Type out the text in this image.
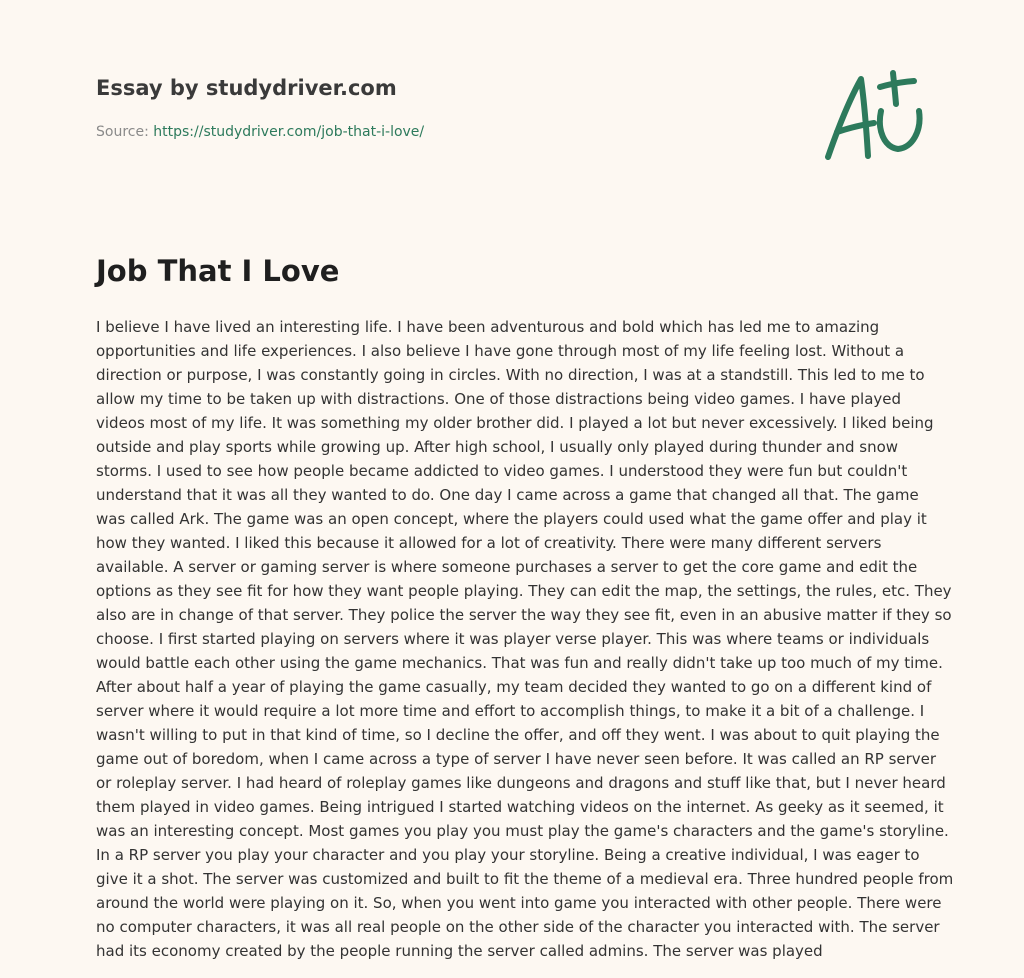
Essay by studydriver.com
Source: https://studydriver.com/job-that-i-love/
Job That I Love
I believe I have lived an interesting life. I have been adventurous and bold which has led me to amazing
opportunities and life experiences. I also believe I have gone through most of my life feeling lost. Without a
direction or purpose, I was constantly going in circles. With no direction, I was at a standstill. This led to me to
allow my time to be taken up with distractions. One of those distractions being video games. I have played
videos most of my life. It was something my older brother did. I played a lot but never excessively. I liked being
outside and play sports while growing up. After high school, I usually only played during thunder and snow
storms. I used to see how people became addicted to video games. I understood they were fun but couldn't
understand that it was all they wanted to do. One day I came across a game that changed all that. The game
was called Ark. The game was an open concept, where the players could used what the game offer and play it
how they wanted. I liked this because it allowed for a lot of creativity. There were many different servers
available. A server or gaming server is where someone purchases a server to get the core game and edit the
options as they see fit for how they want people playing. They can edit the map, the settings, the rules, etc. They
also are in change of that server. They police the server the way they see fit, even in an abusive matter if they so
choose. I first started playing on servers where it was player verse player. This was where teams or individuals
would battle each other using the game mechanics. That was fun and really didn't take up too much of my time.
After about half a year of playing the game casually, my team decided they wanted to go on a different kind of
server where it would require a lot more time and effort to accomplish things, to make it a bit of a challenge. I
wasn't willing to put in that kind of time, so I decline the offer, and off they went. I was about to quit playing the
game out of boredom, when I came across a type of server I have never seen before. It was called an RP server
or roleplay server. I had heard of roleplay games like dungeons and dragons and stuff like that, but I never heard
them played in video games. Being intrigued I started watching videos on the internet. As geeky as it seemed, it
was an interesting concept. Most games you play you must play the game's characters and the game's storyline.
In a RP server you play your character and you play your storyline. Being a creative individual, I was eager to
give it a shot. The server was customized and built to fit the theme of a medieval era. Three hundred people from
around the world were playing on it. So, when you went into game you interacted with other people. There were
no computer characters, it was all real people on the other side of the character you interacted with. The server
had its economy created by the people running the server called admins. The server was played
